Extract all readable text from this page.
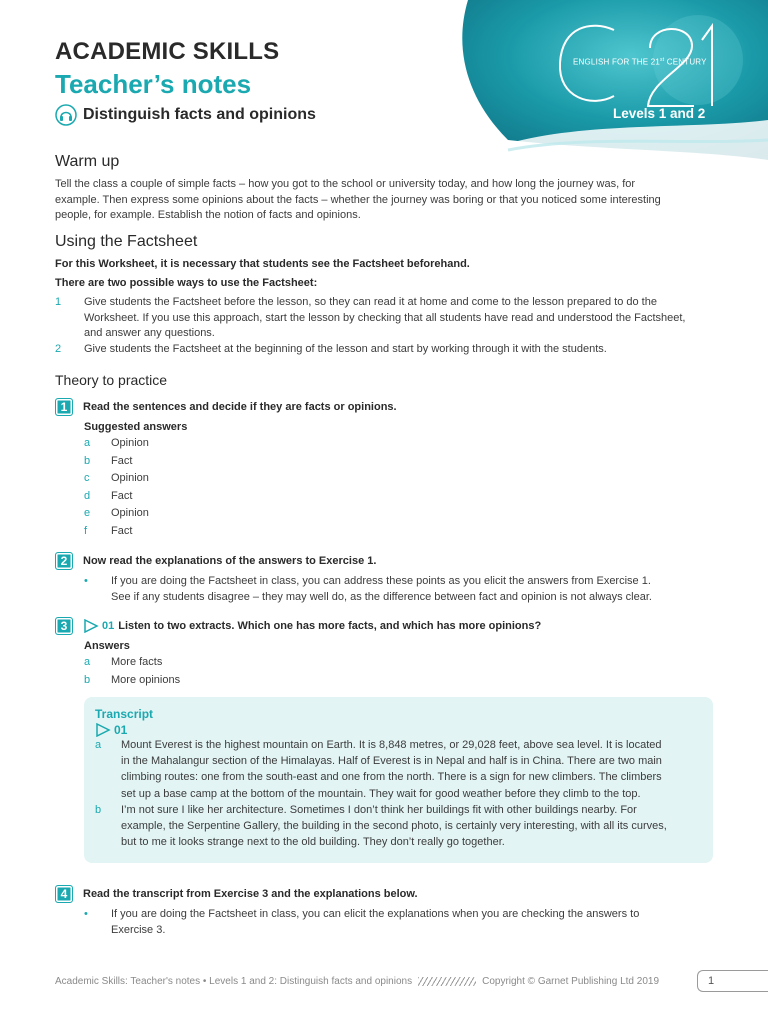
ENGLISH FOR THE 21st CENTURY
Levels 1 and 2
ACADEMIC SKILLS
Teacher’s notes
Distinguish facts and opinions
Warm up
Tell the class a couple of simple facts – how you got to the school or university today, and how long the journey was, for
example. Then express some opinions about the facts – whether the journey was boring or that you noticed some interesting
people, for example. Establish the notion of facts and opinions.
Using the Factsheet
For this Worksheet, it is necessary that students see the Factsheet beforehand.
There are two possible ways to use the Factsheet:
1	Give students the Factsheet before the lesson, so they can read it at home and come to the lesson prepared to do the
Worksheet. If you use this approach, start the lesson by checking that all students have read and understood the Factsheet,
and answer any questions.
2	Give students the Factsheet at the beginning of the lesson and start by working through it with the students.
Theory to practice
1	Read the sentences and decide if they are facts or opinions.
Suggested answers
a	Opinion
b	Fact
c	Opinion
d	Fact
e	Opinion
f	Fact
2	Now read the explanations of the answers to Exercise 1.
•	If you are doing the Factsheet in class, you can address these points as you elicit the answers from Exercise 1.
See if any students disagree – they may well do, as the difference between fact and opinion is not always clear.
3	01 Listen to two extracts. Which one has more facts, and which has more opinions?
Answers
a	More facts
b	More opinions
Transcript
01
a	Mount Everest is the highest mountain on Earth. It is 8,848 metres, or 29,028 feet, above sea level. It is located
in the Mahalangur section of the Himalayas. Half of Everest is in Nepal and half is in China. There are two main
climbing routes: one from the south-east and one from the north. There is a sign for new climbers. The climbers
set up a base camp at the bottom of the mountain. They wait for good weather before they climb to the top.
b	I’m not sure I like her architecture. Sometimes I don’t think her buildings fit with other buildings nearby. For
example, the Serpentine Gallery, the building in the second photo, is certainly very interesting, with all its curves,
but to me it looks strange next to the old building. They don’t really go together.
4	Read the transcript from Exercise 3 and the explanations below.
•	If you are doing the Factsheet in class, you can elicit the explanations when you are checking the answers to
Exercise 3.
Academic Skills: Teacher's notes • Levels 1 and 2: Distinguish facts and opinions	Copyright © Garnet Publishing Ltd 2019	1
